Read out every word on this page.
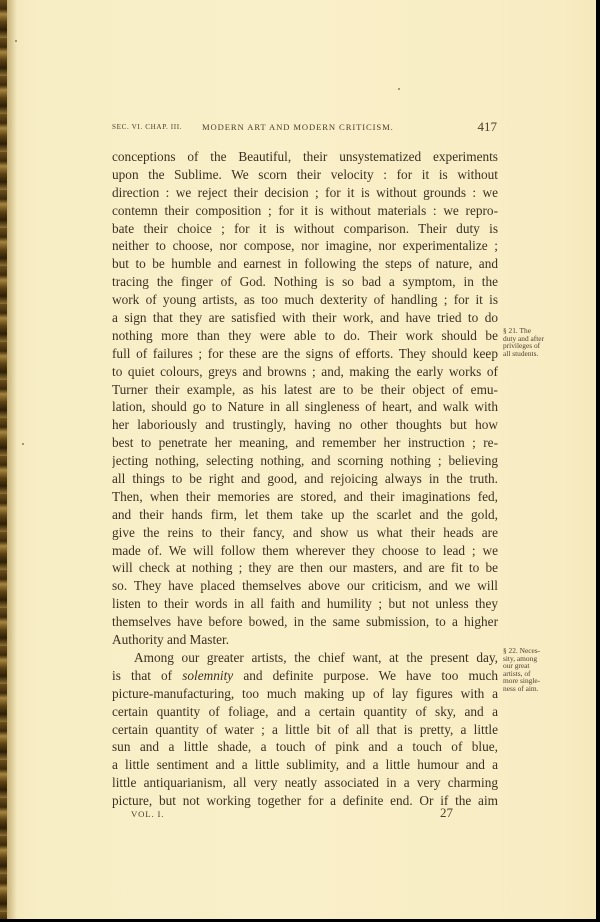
SEC. VI. CHAP. III. MODERN ART AND MODERN CRITICISM.	417
conceptions of the Beautiful, their unsystematized experiments
upon the Sublime. We scorn their velocity : for it is without
direction : we reject their decision ; for it is without grounds : we
contemn their composition ; for it is without materials : we repro-
bate their choice ; for it is without comparison. Their duty is
neither to choose, nor compose, nor imagine, nor experimentalize ;
but to be humble and earnest in following the steps of nature, and
tracing the finger of God. Nothing is so bad a symptom, in the
work of young artists, as too much dexterity of handling ; for it is
a sign that they are satisfied with their work, and have tried to do
nothing more than they were able to do. Their work should be
full of failures ; for these are the signs of efforts. They should keep
to quiet colours, greys and browns ; and, making the early works of
Turner their example, as his latest are to be their object of emu-
lation, should go to Nature in all singleness of heart, and walk with
her laboriously and trustingly, having no other thoughts but how
best to penetrate her meaning, and remember her instruction ; re-
jecting nothing, selecting nothing, and scorning nothing ; believing
all things to be right and good, and rejoicing always in the truth.
Then, when their memories are stored, and their imaginations fed,
and their hands firm, let them take up the scarlet and the gold,
give the reins to their fancy, and show us what their heads are
made of. We will follow them wherever they choose to lead ; we
will check at nothing ; they are then our masters, and are fit to be
so. They have placed themselves above our criticism, and we will
listen to their words in all faith and humility ; but not unless they
themselves have before bowed, in the same submission, to a higher
Authority and Master.
Among our greater artists, the chief want, at the present day,
is that of solemnity and definite purpose. We have too much
picture-manufacturing, too much making up of lay figures with a
certain quantity of foliage, and a certain quantity of sky, and a
certain quantity of water ; a little bit of all that is pretty, a little
sun and a little shade, a touch of pink and a touch of blue,
a little sentiment and a little sublimity, and a little humour and a
little antiquarianism, all very neatly associated in a very charming
picture, but not working together for a definite end. Or if the aim
§ 21. The
duty and after
privileges of
all students.
§ 22. Neces-
sity, among
our great
artists, of
more single-
ness of aim.
VOL. I.	27
